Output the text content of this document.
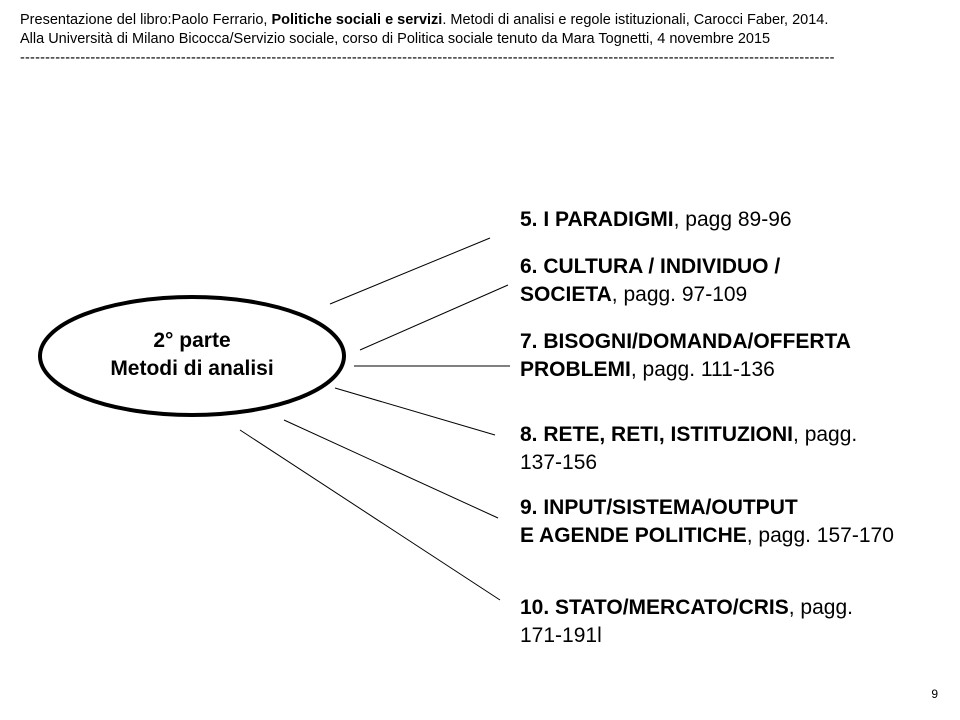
Presentazione del libro:Paolo Ferrario, Politiche sociali e servizi. Metodi di analisi e regole istituzionali, Carocci Faber, 2014.
Alla Università di Milano Bicocca/Servizio sociale, corso di Politica sociale tenuto da Mara Tognetti, 4 novembre 2015
------------------------------------------------------------------------------------------------------------------------------------------------------------------
2° parte
Metodi di analisi
5. I PARADIGMI, pagg 89-96
6. CULTURA / INDIVIDUO /
SOCIETA, pagg. 97-109
7. BISOGNI/DOMANDA/OFFERTA
PROBLEMI, pagg. 111-136
8. RETE, RETI, ISTITUZIONI, pagg.
137-156
9. INPUT/SISTEMA/OUTPUT
E AGENDE POLITICHE, pagg. 157-170
10. STATO/MERCATO/CRIS, pagg.
171-191l
9
